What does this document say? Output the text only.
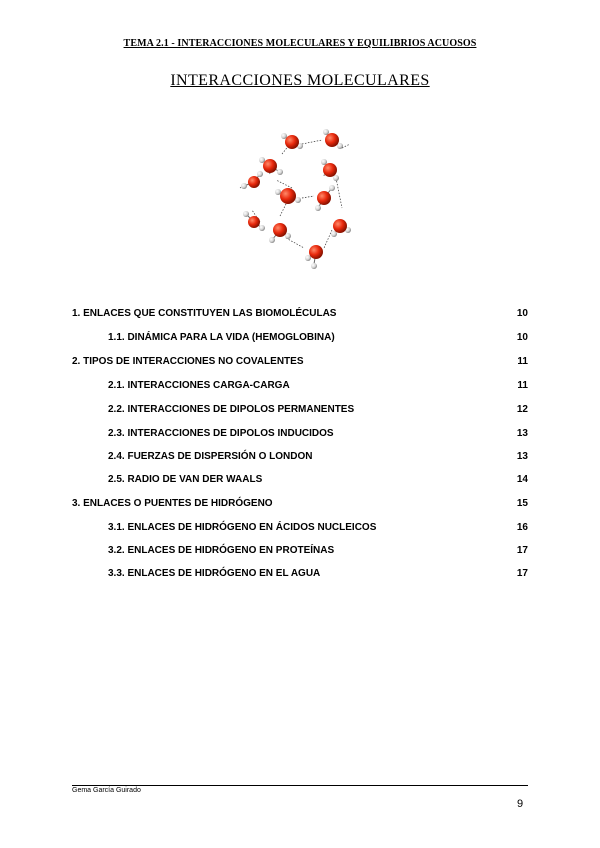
TEMA 2.1 - INTERACCIONES MOLECULARES Y EQUILIBRIOS ACUOSOS
INTERACCIONES MOLECULARES
1. ENLACES QUE CONSTITUYEN LAS BIOMOLÉCULAS	10
1.1. DINÁMICA PARA LA VIDA (HEMOGLOBINA)	10
2. TIPOS DE INTERACCIONES NO COVALENTES	11
2.1. INTERACCIONES CARGA-CARGA	11
2.2. INTERACCIONES DE DIPOLOS PERMANENTES	12
2.3. INTERACCIONES DE DIPOLOS INDUCIDOS	13
2.4. FUERZAS DE DISPERSIÓN O LONDON	13
2.5. RADIO DE VAN DER WAALS	14
3. ENLACES O PUENTES DE HIDRÓGENO	15
3.1. ENLACES DE HIDRÓGENO EN ÁCIDOS NUCLEICOS	16
3.2. ENLACES DE HIDRÓGENO EN PROTEÍNAS	17
3.3. ENLACES DE HIDRÓGENO EN EL AGUA	17
Gema García Guirado
9
